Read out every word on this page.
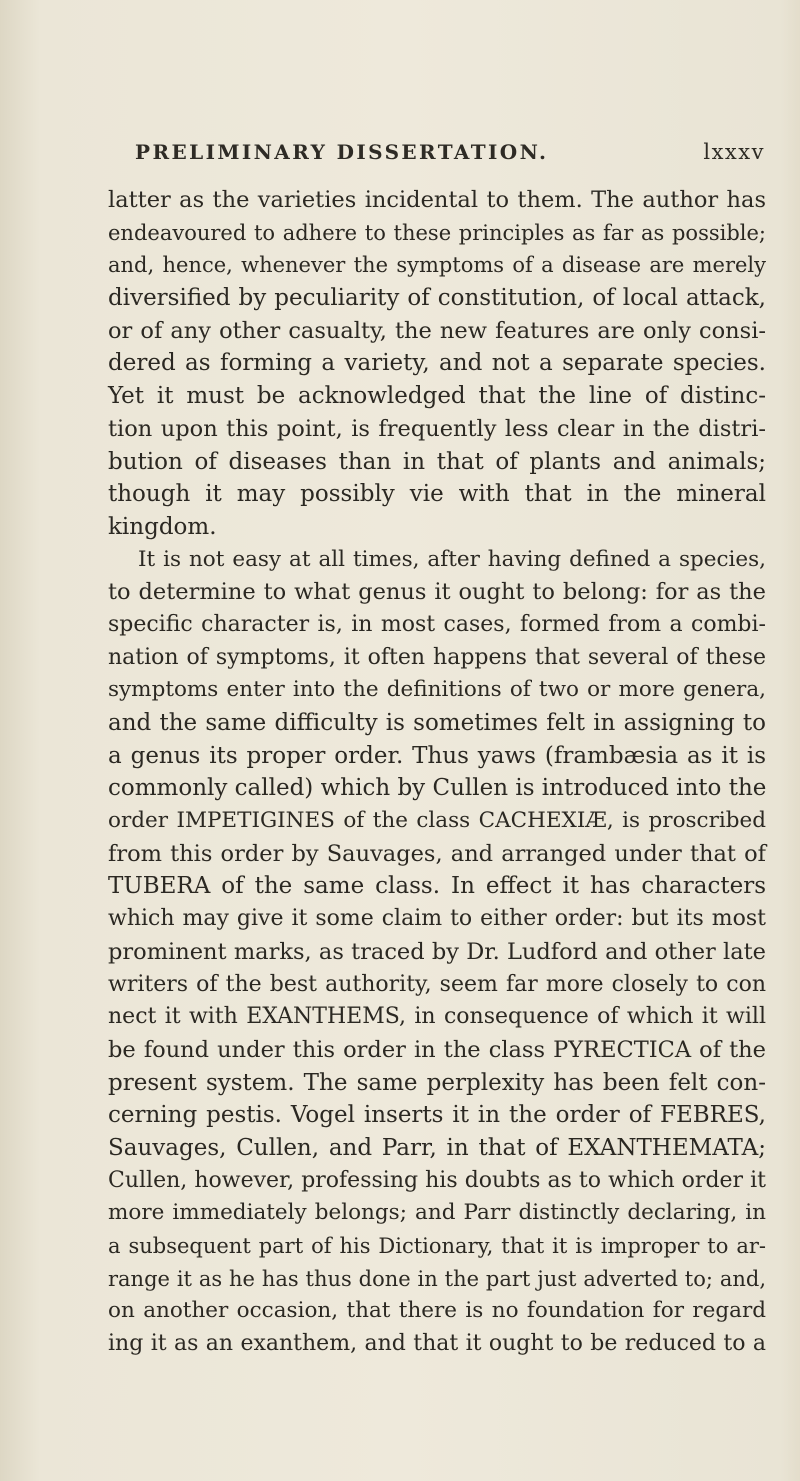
PRELIMINARY DISSERTATION.	lxxxv
latter as the varieties incidental to them. The author has
endeavoured to adhere to these principles as far as possible;
and, hence, whenever the symptoms of a disease are merely
diversified by peculiarity of constitution, of local attack,
or of any other casualty, the new features are only consi-
dered as forming a variety, and not a separate species.
Yet it must be acknowledged that the line of distinc-
tion upon this point, is frequently less clear in the distri-
bution of diseases than in that of plants and animals;
though it may possibly vie with that in the mineral
kingdom.
It is not easy at all times, after having defined a species,
to determine to what genus it ought to belong: for as the
specific character is, in most cases, formed from a combi-
nation of symptoms, it often happens that several of these
symptoms enter into the definitions of two or more genera,
and the same difficulty is sometimes felt in assigning to
a genus its proper order. Thus yaws (frambæsia as it is
commonly called) which by Cullen is introduced into the
order IMPETIGINES of the class CACHEXIÆ, is proscribed
from this order by Sauvages, and arranged under that of
TUBERA of the same class. In effect it has characters
which may give it some claim to either order: but its most
prominent marks, as traced by Dr. Ludford and other late
writers of the best authority, seem far more closely to con
nect it with EXANTHEMS, in consequence of which it will
be found under this order in the class PYRECTICA of the
present system. The same perplexity has been felt con-
cerning pestis. Vogel inserts it in the order of FEBRES,
Sauvages, Cullen, and Parr, in that of EXANTHEMATA;
Cullen, however, professing his doubts as to which order it
more immediately belongs; and Parr distinctly declaring, in
a subsequent part of his Dictionary, that it is improper to ar-
range it as he has thus done in the part just adverted to; and,
on another occasion, that there is no foundation for regard
ing it as an exanthem, and that it ought to be reduced to a
